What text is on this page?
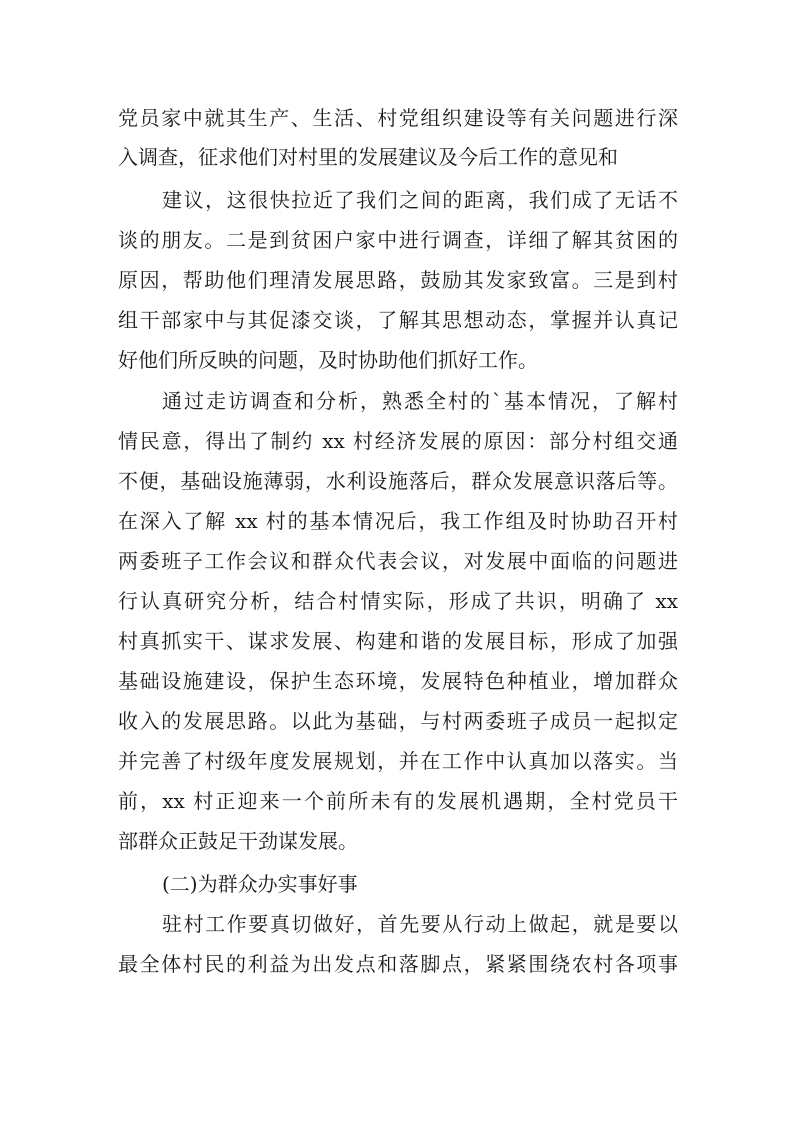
党员家中就其生产、生活、村党组织建设等有关问题进行深
入调查，征求他们对村里的发展建议及今后工作的意见和
建议，这很快拉近了我们之间的距离，我们成了无话不
谈的朋友。二是到贫困户家中进行调查，详细了解其贫困的
原因，帮助他们理清发展思路，鼓励其发家致富。三是到村
组干部家中与其促漆交谈，了解其思想动态，掌握并认真记
好他们所反映的问题，及时协助他们抓好工作。
通过走访调查和分析，熟悉全村的`基本情况，了解村
情民意，得出了制约 xx 村经济发展的原因：部分村组交通
不便，基础设施薄弱，水利设施落后，群众发展意识落后等。
在深入了解 xx 村的基本情况后，我工作组及时协助召开村
两委班子工作会议和群众代表会议，对发展中面临的问题进
行认真研究分析，结合村情实际，形成了共识，明确了 xx
村真抓实干、谋求发展、构建和谐的发展目标，形成了加强
基础设施建设，保护生态环境，发展特色种植业，增加群众
收入的发展思路。以此为基础，与村两委班子成员一起拟定
并完善了村级年度发展规划，并在工作中认真加以落实。当
前，xx 村正迎来一个前所未有的发展机遇期，全村党员干
部群众正鼓足干劲谋发展。
(二)为群众办实事好事
驻村工作要真切做好，首先要从行动上做起，就是要以
最全体村民的利益为出发点和落脚点，紧紧围绕农村各项事
